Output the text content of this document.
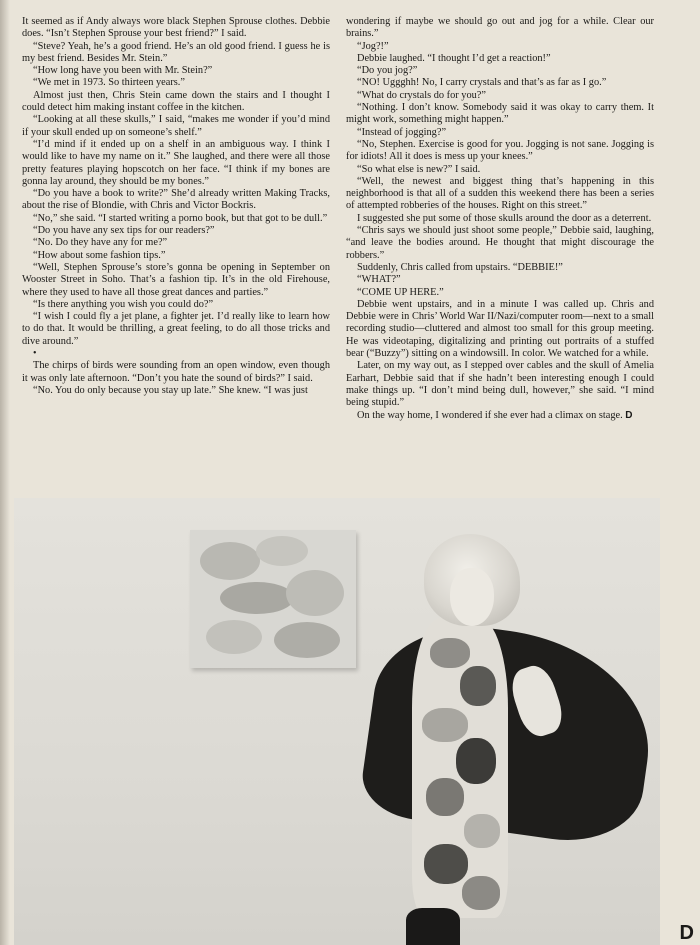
It seemed as if Andy always wore black Stephen Sprouse clothes. Debbie does. “Isn’t Stephen Sprouse your best friend?” I said.

“Steve? Yeah, he’s a good friend. He’s an old good friend. I guess he is my best friend. Besides Mr. Stein.”

“How long have you been with Mr. Stein?”

“We met in 1973. So thirteen years.”

Almost just then, Chris Stein came down the stairs and I thought I could detect him making instant coffee in the kitchen.

“Looking at all these skulls,” I said, “makes me wonder if you’d mind if your skull ended up on someone’s shelf.”

“I’d mind if it ended up on a shelf in an ambiguous way. I think I would like to have my name on it.” She laughed, and there were all those pretty features playing hopscotch on her face. “I think if my bones are gonna lay around, they should be my bones.”

“Do you have a book to write?” She’d already written Making Tracks, about the rise of Blondie, with Chris and Victor Bockris.

“No,” she said. “I started writing a porno book, but that got to be dull.”

“Do you have any sex tips for our readers?”

“No. Do they have any for me?”

“How about some fashion tips.”

“Well, Stephen Sprouse’s store’s gonna be opening in September on Wooster Street in Soho. That’s a fashion tip. It’s in the old Firehouse, where they used to have all those great dances and parties.”

“Is there anything you wish you could do?”

“I wish I could fly a jet plane, a fighter jet. I’d really like to learn how to do that. It would be thrilling, a great feeling, to do all those tricks and dive around.”

•

The chirps of birds were sounding from an open window, even though it was only late afternoon. “Don’t you hate the sound of birds?” I said.

“No. You do only because you stay up late.” She knew. “I was just

wondering if maybe we should go out and jog for a while. Clear our brains.”

“Jog?!”

Debbie laughed. “I thought I’d get a reaction!”

“Do you jog?”

“NO! Uggghh! No, I carry crystals and that’s as far as I go.”

“What do crystals do for you?”

“Nothing. I don’t know. Somebody said it was okay to carry them. It might work, something might happen.”

“Instead of jogging?”

“No, Stephen. Exercise is good for you. Jogging is not sane. Jogging is for idiots! All it does is mess up your knees.”

“So what else is new?” I said.

“Well, the newest and biggest thing that’s happening in this neighborhood is that all of a sudden this weekend there has been a series of attempted robberies of the houses. Right on this street.”

I suggested she put some of those skulls around the door as a deterrent.

“Chris says we should just shoot some people,” Debbie said, laughing, “and leave the bodies around. He thought that might discourage the robbers.”

Suddenly, Chris called from upstairs. “DEBBIE!”

“WHAT?”

“COME UP HERE.”

Debbie went upstairs, and in a minute I was called up. Chris and Debbie were in Chris’ World War II/Nazi/computer room—next to a small recording studio—cluttered and almost too small for this group meeting. He was videotaping, digitalizing and printing out portraits of a stuffed bear (“Buzzy”) sitting on a windowsill. In color. We watched for a while.

Later, on my way out, as I stepped over cables and the skull of Amelia Earhart, Debbie said that if she hadn’t been interesting enough I could make things up. “I don’t mind being dull, however,” she said. “I mind being stupid.”

On the way home, I wondered if she ever had a climax on stage. D

D
